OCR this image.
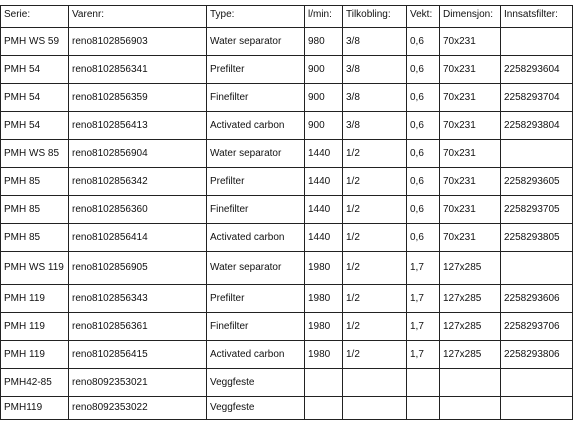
Serie:	Varenr:	Type:	l/min:	Tilkobling:	Vekt:	Dimensjon:	Innsatsfilter:
PMH WS 59	reno8102856903	Water separator	980	3/8	0,6	70x231	
PMH 54	reno8102856341	Prefilter	900	3/8	0,6	70x231	2258293604
PMH 54	reno8102856359	Finefilter	900	3/8	0,6	70x231	2258293704
PMH 54	reno8102856413	Activated carbon	900	3/8	0,6	70x231	2258293804
PMH WS 85	reno8102856904	Water separator	1440	1/2	0,6	70x231	
PMH 85	reno8102856342	Prefilter	1440	1/2	0,6	70x231	2258293605
PMH 85	reno8102856360	Finefilter	1440	1/2	0,6	70x231	2258293705
PMH 85	reno8102856414	Activated carbon	1440	1/2	0,6	70x231	2258293805
PMH WS 119	reno8102856905	Water separator	1980	1/2	1,7	127x285	
PMH 119	reno8102856343	Prefilter	1980	1/2	1,7	127x285	2258293606
PMH 119	reno8102856361	Finefilter	1980	1/2	1,7	127x285	2258293706
PMH 119	reno8102856415	Activated carbon	1980	1/2	1,7	127x285	2258293806
PMH42-85	reno8092353021	Veggfeste					
PMH119	reno8092353022	Veggfeste					
